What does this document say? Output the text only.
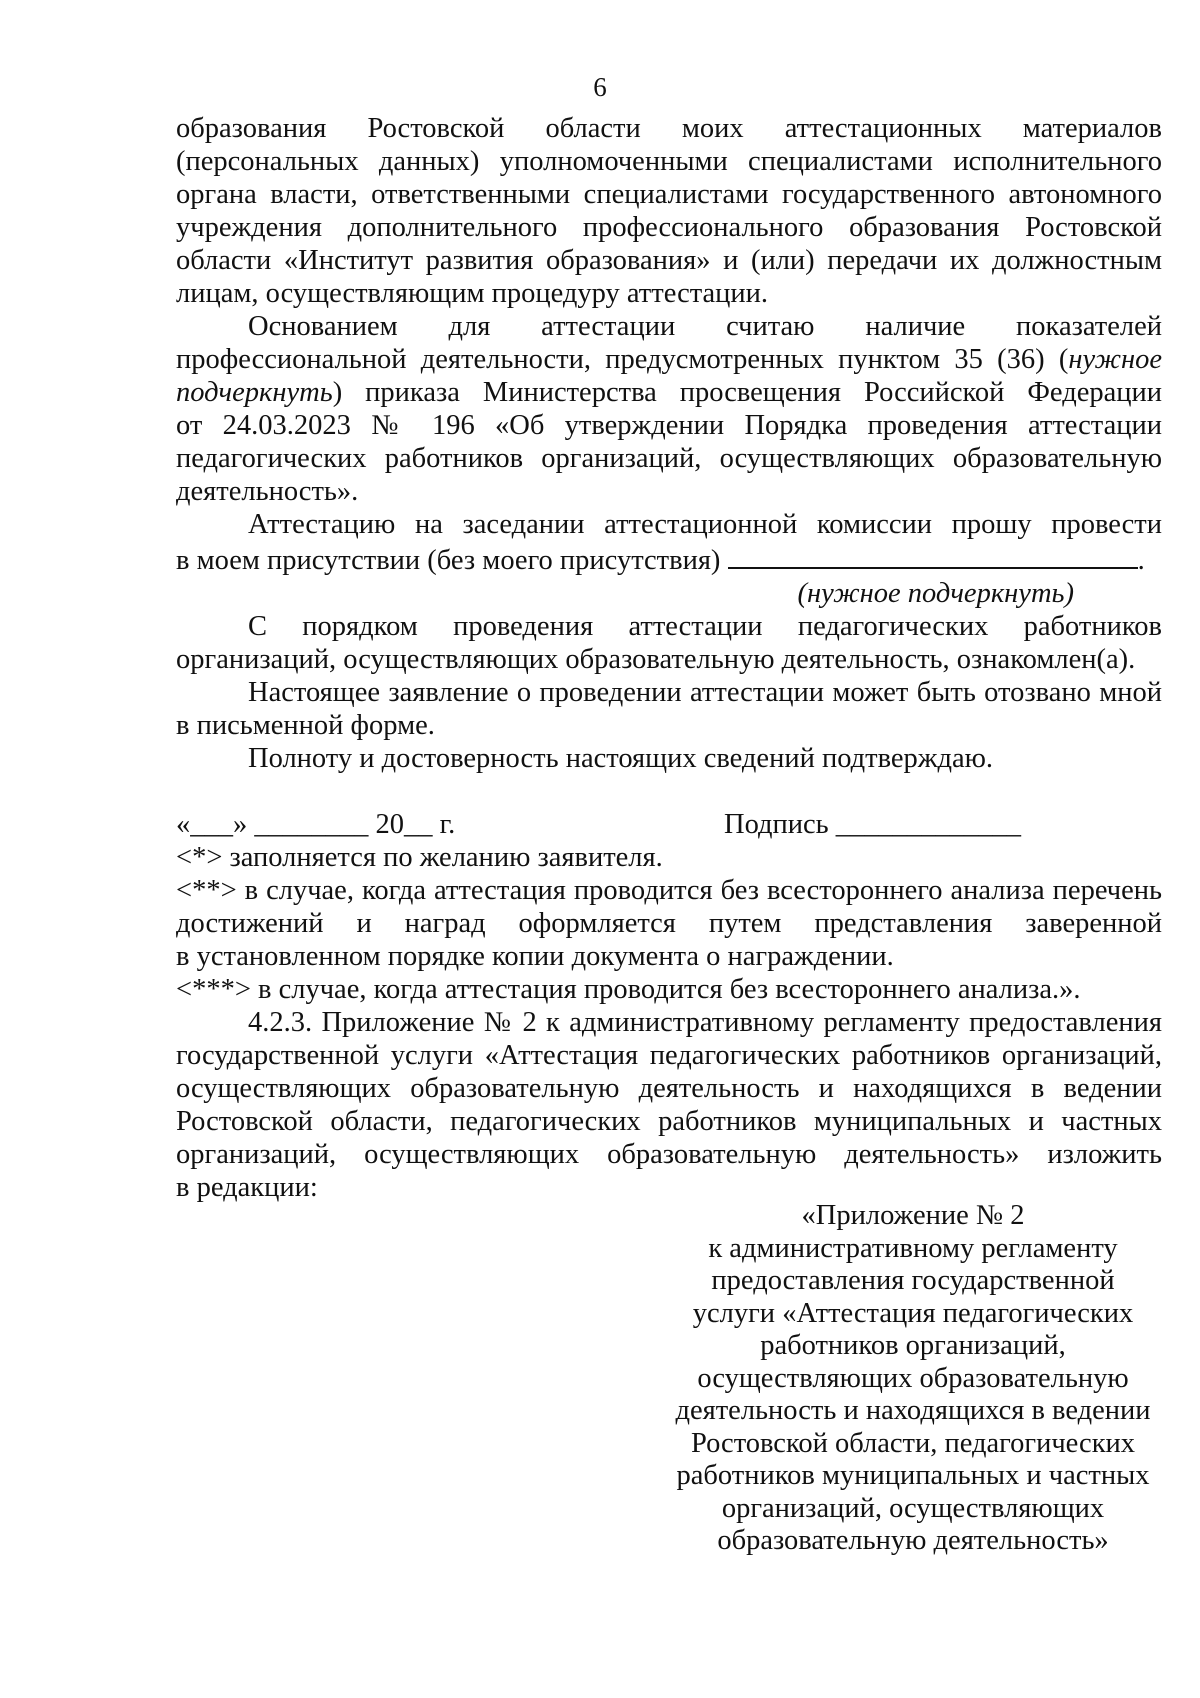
6

образования Ростовской области моих аттестационных материалов

(персональных данных) уполномоченными специалистами исполнительного

органа власти, ответственными специалистами государственного автономного

учреждения дополнительного профессионального образования Ростовской

области «Институт развития образования» и (или) передачи их должностным

лицам, осуществляющим процедуру аттестации.

Основанием для аттестации считаю наличие показателей

профессиональной деятельности, предусмотренных пунктом 35 (36) (нужное

подчеркнуть) приказа Министерства просвещения Российской Федерации

от 24.03.2023 № 196 «Об утверждении Порядка проведения аттестации

педагогических работников организаций, осуществляющих образовательную

деятельность».

Аттестацию на заседании аттестационной комиссии прошу провести

в моем присутствии (без моего присутствия)	.

(нужное подчеркнуть)

С порядком проведения аттестации педагогических работников

организаций, осуществляющих образовательную деятельность, ознакомлен(а).

Настоящее заявление о проведении аттестации может быть отозвано мной

в письменной форме.

Полноту и достоверность настоящих сведений подтверждаю.

«___» ________ 20__ г.	Подпись _____________

<*> заполняется по желанию заявителя.

<**> в случае, когда аттестация проводится без всестороннего анализа перечень

достижений и наград оформляется путем представления заверенной

в установленном порядке копии документа о награждении.

<***> в случае, когда аттестация проводится без всестороннего анализа.».

4.2.3. Приложение № 2 к административному регламенту предоставления

государственной услуги «Аттестация педагогических работников организаций,

осуществляющих образовательную деятельность и находящихся в ведении

Ростовской области, педагогических работников муниципальных и частных

организаций, осуществляющих образовательную деятельность» изложить

в редакции:

«Приложение № 2
к административному регламенту
предоставления государственной
услуги «Аттестация педагогических
работников организаций,
осуществляющих образовательную
деятельность и находящихся в ведении
Ростовской области, педагогических
работников муниципальных и частных
организаций, осуществляющих
образовательную деятельность»
